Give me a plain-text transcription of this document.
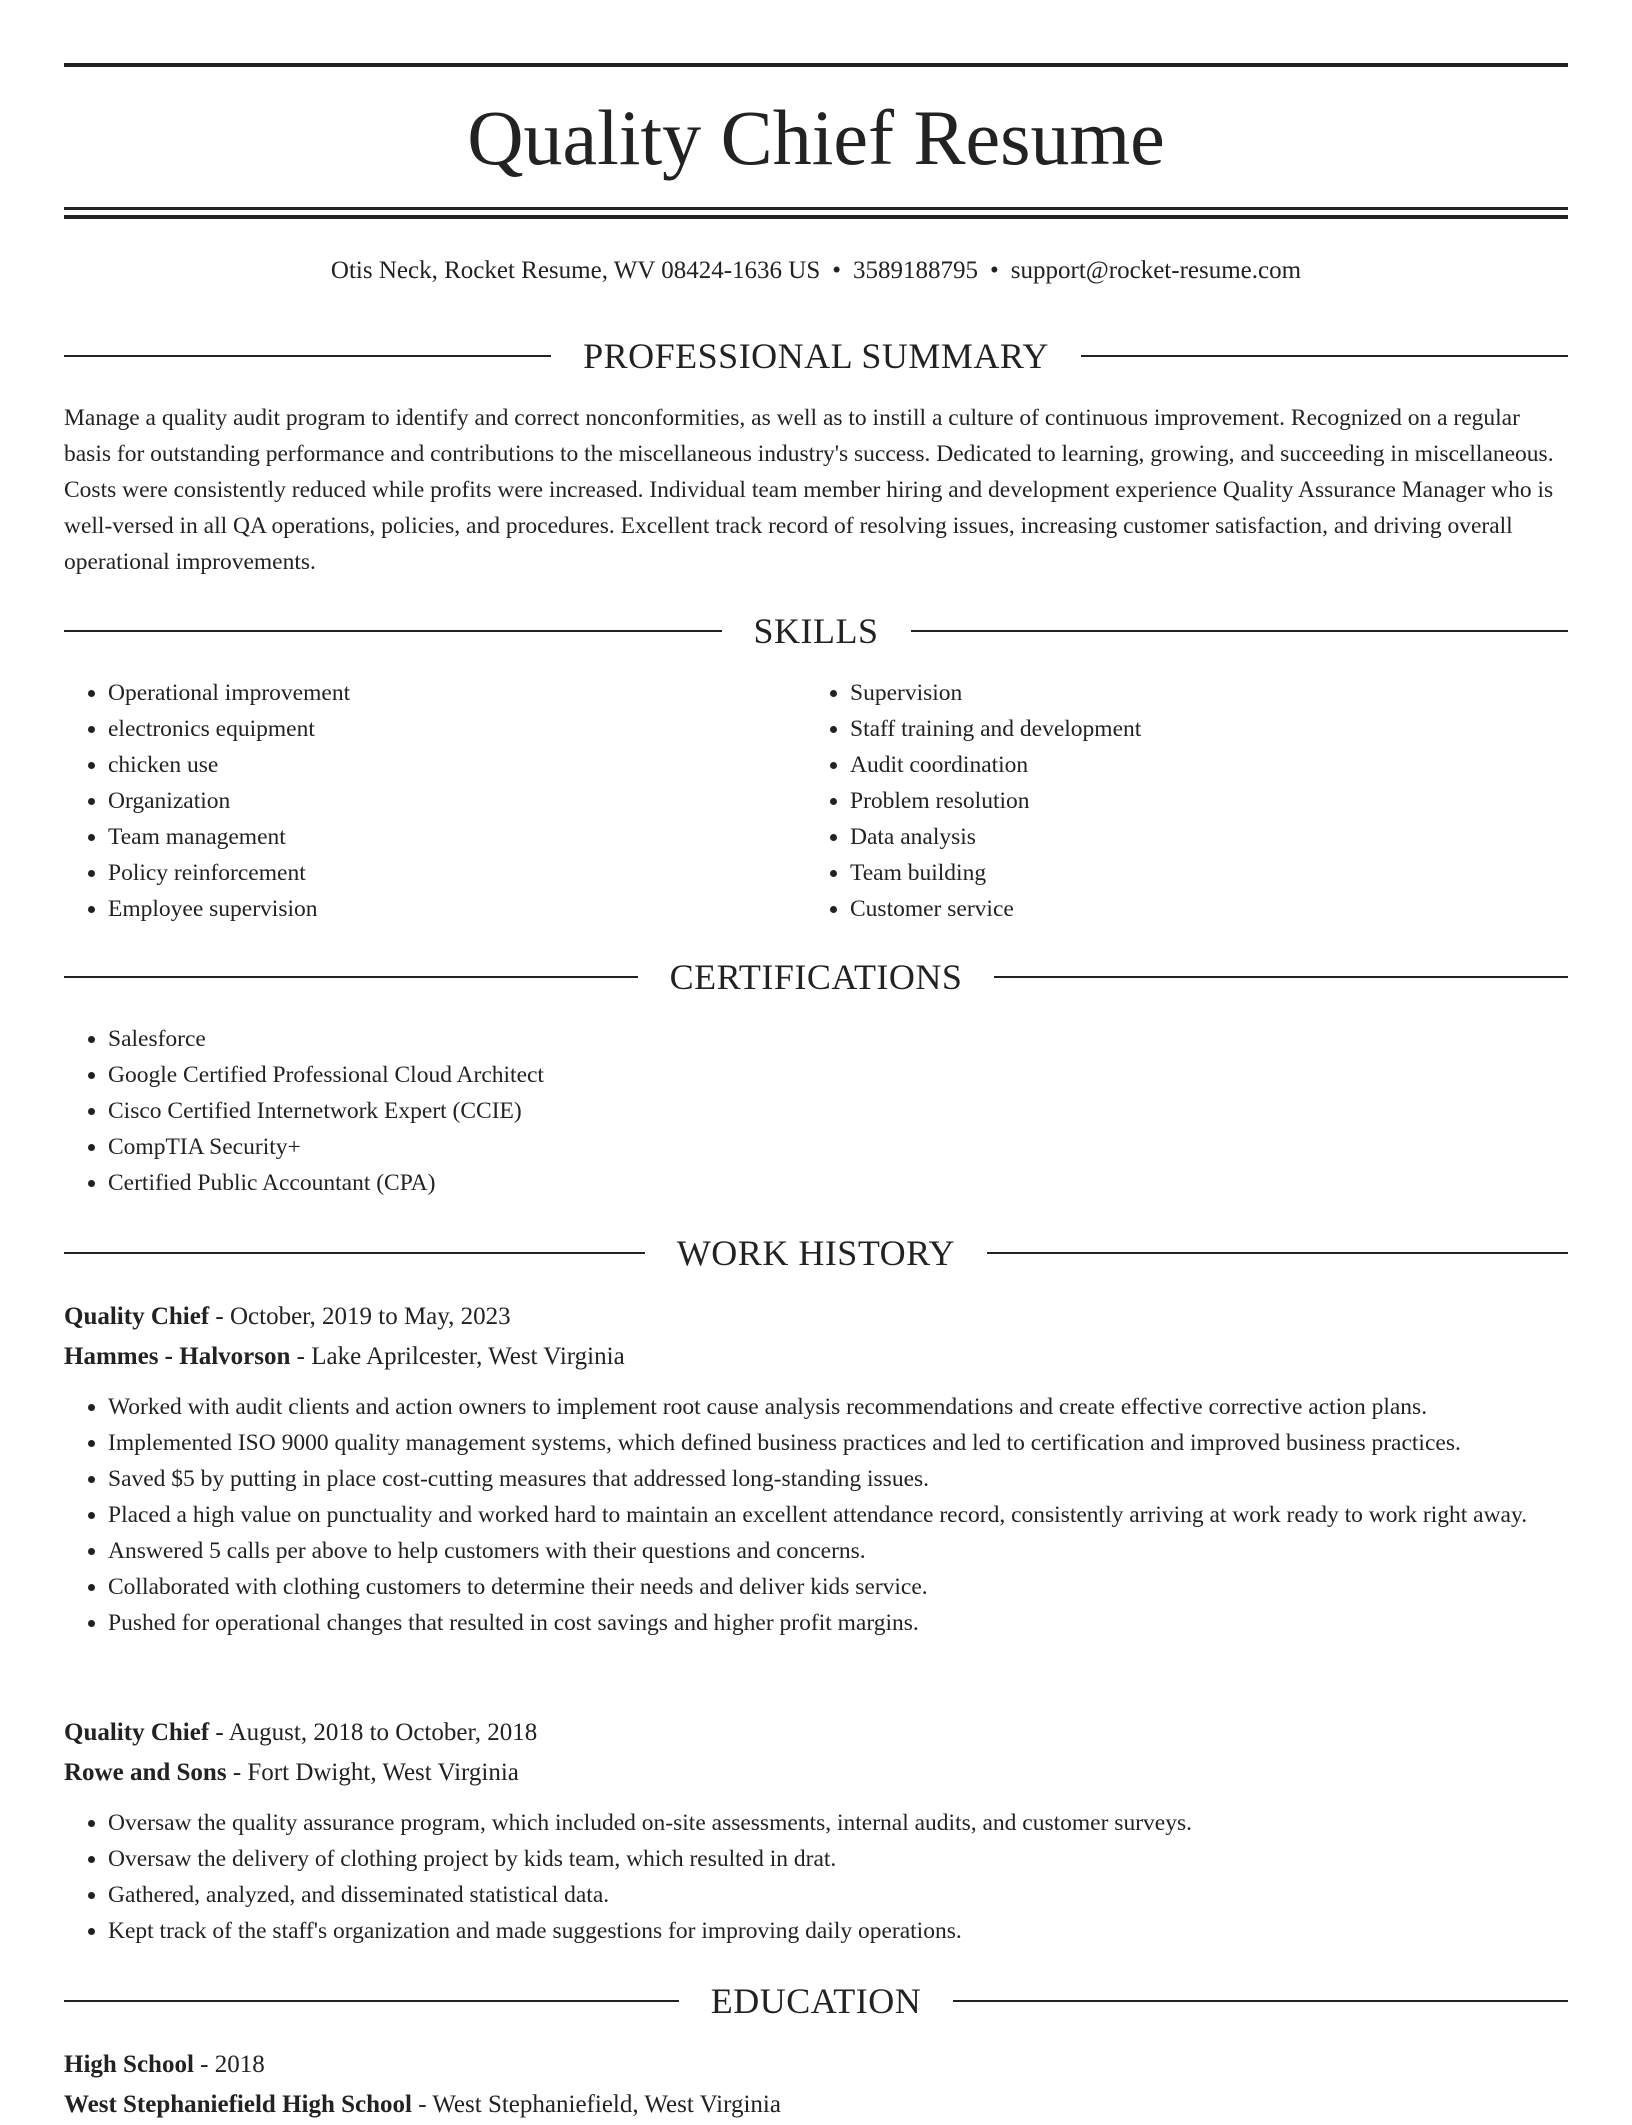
Quality Chief Resume
Otis Neck, Rocket Resume, WV 08424-1636 US • 3589188795 • support@rocket-resume.com
PROFESSIONAL SUMMARY

Manage a quality audit program to identify and correct nonconformities, as well as to instill a culture of continuous improvement. Recognized on a regular basis for outstanding performance and contributions to the miscellaneous industry's success. Dedicated to learning, growing, and succeeding in miscellaneous. Costs were consistently reduced while profits were increased. Individual team member hiring and development experience Quality Assurance Manager who is well-versed in all QA operations, policies, and procedures. Excellent track record of resolving issues, increasing customer satisfaction, and driving overall operational improvements.

SKILLS
• Operational improvement
• electronics equipment
• chicken use
• Organization
• Team management
• Policy reinforcement
• Employee supervision
• Supervision
• Staff training and development
• Audit coordination
• Problem resolution
• Data analysis
• Team building
• Customer service
CERTIFICATIONS
• Salesforce
• Google Certified Professional Cloud Architect
• Cisco Certified Internetwork Expert (CCIE)
• CompTIA Security+
• Certified Public Accountant (CPA)
WORK HISTORY
Quality Chief - October, 2019 to May, 2023
Hammes - Halvorson - Lake Aprilcester, West Virginia
• Worked with audit clients and action owners to implement root cause analysis recommendations and create effective corrective action plans.
• Implemented ISO 9000 quality management systems, which defined business practices and led to certification and improved business practices.
• Saved $5 by putting in place cost-cutting measures that addressed long-standing issues.
• Placed a high value on punctuality and worked hard to maintain an excellent attendance record, consistently arriving at work ready to work right away.
• Answered 5 calls per above to help customers with their questions and concerns.
• Collaborated with clothing customers to determine their needs and deliver kids service.
• Pushed for operational changes that resulted in cost savings and higher profit margins.
Quality Chief - August, 2018 to October, 2018
Rowe and Sons - Fort Dwight, West Virginia
• Oversaw the quality assurance program, which included on-site assessments, internal audits, and customer surveys.
• Oversaw the delivery of clothing project by kids team, which resulted in drat.
• Gathered, analyzed, and disseminated statistical data.
• Kept track of the staff's organization and made suggestions for improving daily operations.
EDUCATION
High School - 2018
West Stephaniefield High School - West Stephaniefield, West Virginia
